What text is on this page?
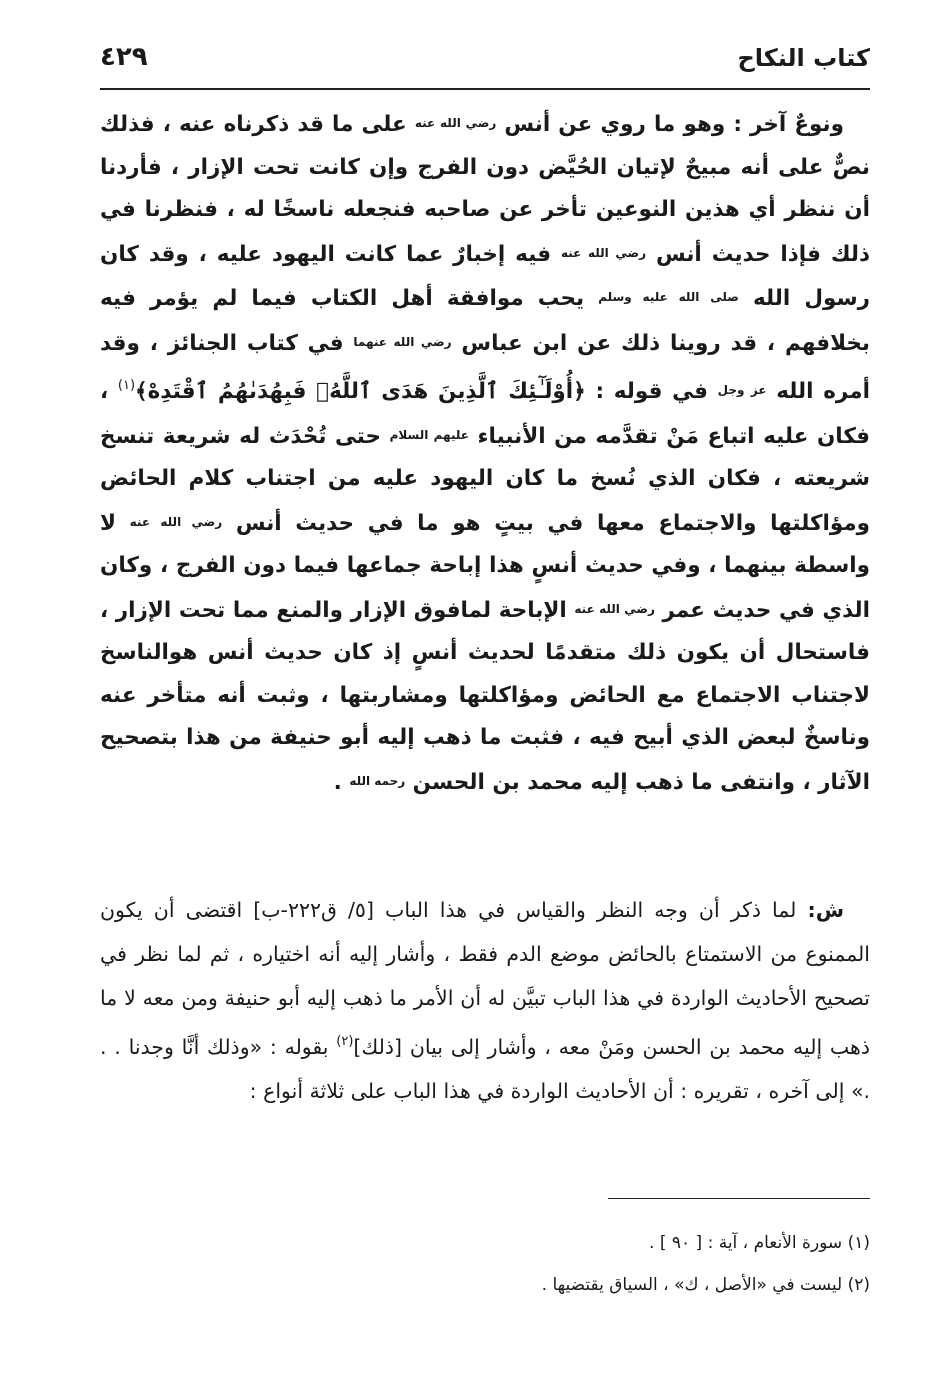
كتاب النكاح
٤٢٩

ونوعٌ آخر : وهو ما روي عن أنس رضي الله عنه على ما قد ذكرناه عنه ، فذلك نصٌّ على أنه مبيحٌ لإتيان الحُيَّض دون الفرج وإن كانت تحت الإزار ، فأردنا أن ننظر أي هذين النوعين تأخر عن صاحبه فنجعله ناسخًا له ، فنظرنا في ذلك فإذا حديث أنس رضي الله عنه فيه إخبارٌ عما كانت اليهود عليه ، وقد كان رسول الله صلى الله عليه وسلم يحب موافقة أهل الكتاب فيما لم يؤمر فيه بخلافهم ، قد روينا ذلك عن ابن عباس رضي الله عنهما في كتاب الجنائز ، وقد أمره الله عز وجل في قوله : ﴿أُوْلَـٰٓئِكَ ٱلَّذِينَ هَدَى ٱللَّهُۖ فَبِهُدَىٰهُمُ ٱقْتَدِهْ﴾$^{(١)}$ ، فكان عليه اتباع مَنْ تقدَّمه من الأنبياء عليهم السلام حتى تُحْدَث له شريعة تنسخ شريعته ، فكان الذي نُسخ ما كان اليهود عليه من اجتناب كلام الحائض ومؤاكلتها والاجتماع معها في بيتٍ هو ما في حديث أنس رضي الله عنه لا واسطة بينهما ، وفي حديث أنسٍ هذا إباحة جماعها فيما دون الفرج ، وكان الذي في حديث عمر رضي الله عنه الإباحة لمافوق الإزار والمنع مما تحت الإزار ، فاستحال أن يكون ذلك متقدمًا لحديث أنسٍ إذ كان حديث أنس هوالناسخ لاجتناب الاجتماع مع الحائض ومؤاكلتها ومشاربتها ، وثبت أنه متأخر عنه وناسخٌ لبعض الذي أبيح فيه ، فثبت ما ذهب إليه أبو حنيفة من هذا بتصحيح الآثار ، وانتفى ما ذهب إليه محمد بن الحسن رحمه الله .

ش: لما ذكر أن وجه النظر والقياس في هذا الباب [٥/ ق٢٢٢-ب] اقتضى أن يكون الممنوع من الاستمتاع بالحائض موضع الدم فقط ، وأشار إليه أنه اختياره ، ثم لما نظر في تصحيح الأحاديث الواردة في هذا الباب تبيَّن له أن الأمر ما ذهب إليه أبو حنيفة ومن معه لا ما ذهب إليه محمد بن الحسن ومَنْ معه ، وأشار إلى بيان [ذلك]$^{(٢)}$ بقوله : «وذلك أنَّا وجدنا . . .» إلى آخره ، تقريره : أن الأحاديث الواردة في هذا الباب على ثلاثة أنواع :

(١) سورة الأنعام ، آية : [ ٩٠ ] .
(٢) ليست في «الأصل ، ك» ، السياق يقتضيها .
